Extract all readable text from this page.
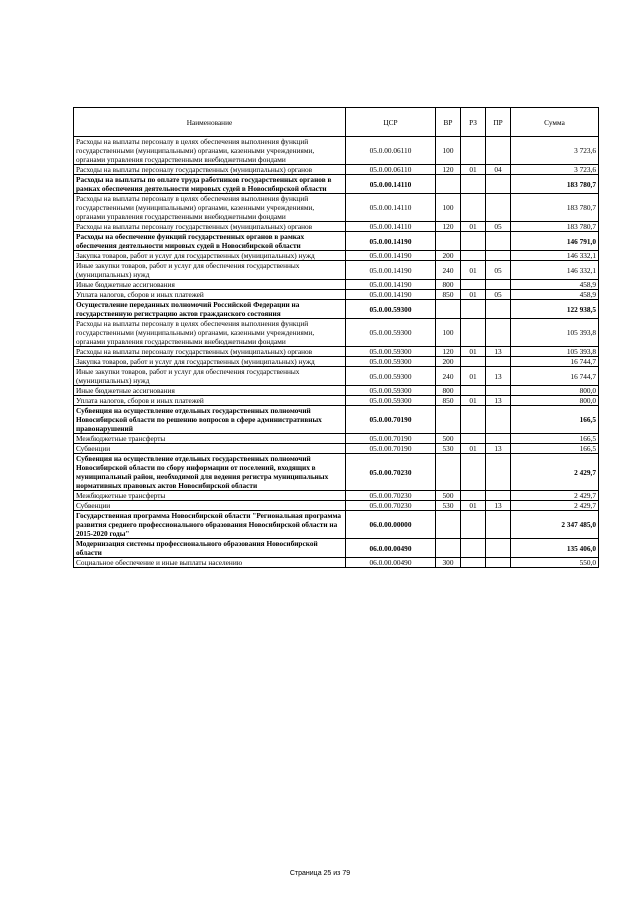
Наименование	ЦСР	ВР	РЗ	ПР	Сумма
Расходы на выплаты персоналу в целях обеспечения выполнения функций государственными (муниципальными) органами, казенными учреждениями, органами управления государственными внебюджетными фондами	05.0.00.06110	100			3 723,6
Расходы на выплаты персоналу государственных (муниципальных) органов	05.0.00.06110	120	01	04	3 723,6
Расходы на выплаты по оплате труда работников государственных органов в рамках обеспечения деятельности мировых судей в Новосибирской области	05.0.00.14110				183 780,7
Расходы на выплаты персоналу в целях обеспечения выполнения функций государственными (муниципальными) органами, казенными учреждениями, органами управления государственными внебюджетными фондами	05.0.00.14110	100			183 780,7
Расходы на выплаты персоналу государственных (муниципальных) органов	05.0.00.14110	120	01	05	183 780,7
Расходы на обеспечение функций государственных органов в рамках обеспечения деятельности мировых судей в Новосибирской области	05.0.00.14190				146 791,0
Закупка товаров, работ и услуг для государственных (муниципальных) нужд	05.0.00.14190	200			146 332,1
Иные закупки товаров, работ и услуг для обеспечения государственных (муниципальных) нужд	05.0.00.14190	240	01	05	146 332,1
Иные бюджетные ассигнования	05.0.00.14190	800			458,9
Уплата налогов, сборов и иных платежей	05.0.00.14190	850	01	05	458,9
Осуществление переданных полномочий Российской Федерации на государственную регистрацию актов гражданского состояния	05.0.00.59300				122 938,5
Расходы на выплаты персоналу в целях обеспечения выполнения функций государственными (муниципальными) органами, казенными учреждениями, органами управления государственными внебюджетными фондами	05.0.00.59300	100			105 393,8
Расходы на выплаты персоналу государственных (муниципальных) органов	05.0.00.59300	120	01	13	105 393,8
Закупка товаров, работ и услуг для государственных (муниципальных) нужд	05.0.00.59300	200			16 744,7
Иные закупки товаров, работ и услуг для обеспечения государственных (муниципальных) нужд	05.0.00.59300	240	01	13	16 744,7
Иные бюджетные ассигнования	05.0.00.59300	800			800,0
Уплата налогов, сборов и иных платежей	05.0.00.59300	850	01	13	800,0
Субвенция на осуществление отдельных государственных полномочий Новосибирской области по решению вопросов в сфере административных правонарушений	05.0.00.70190				166,5
Межбюджетные трансферты	05.0.00.70190	500			166,5
Субвенции	05.0.00.70190	530	01	13	166,5
Субвенция на осуществление отдельных государственных полномочий Новосибирской области по сбору информации от поселений, входящих в муниципальный район, необходимой для ведения регистра муниципальных нормативных правовых актов Новосибирской области	05.0.00.70230				2 429,7
Межбюджетные трансферты	05.0.00.70230	500			2 429,7
Субвенции	05.0.00.70230	530	01	13	2 429,7
Государственная программа Новосибирской области "Региональная программа развития среднего профессионального образования Новосибирской области на 2015-2020 годы"	06.0.00.00000				2 347 485,0
Модернизация системы профессионального образования Новосибирской области	06.0.00.00490				135 406,0
Социальное обеспечение и иные выплаты населению	06.0.00.00490	300			550,0
Страница 25 из 79
